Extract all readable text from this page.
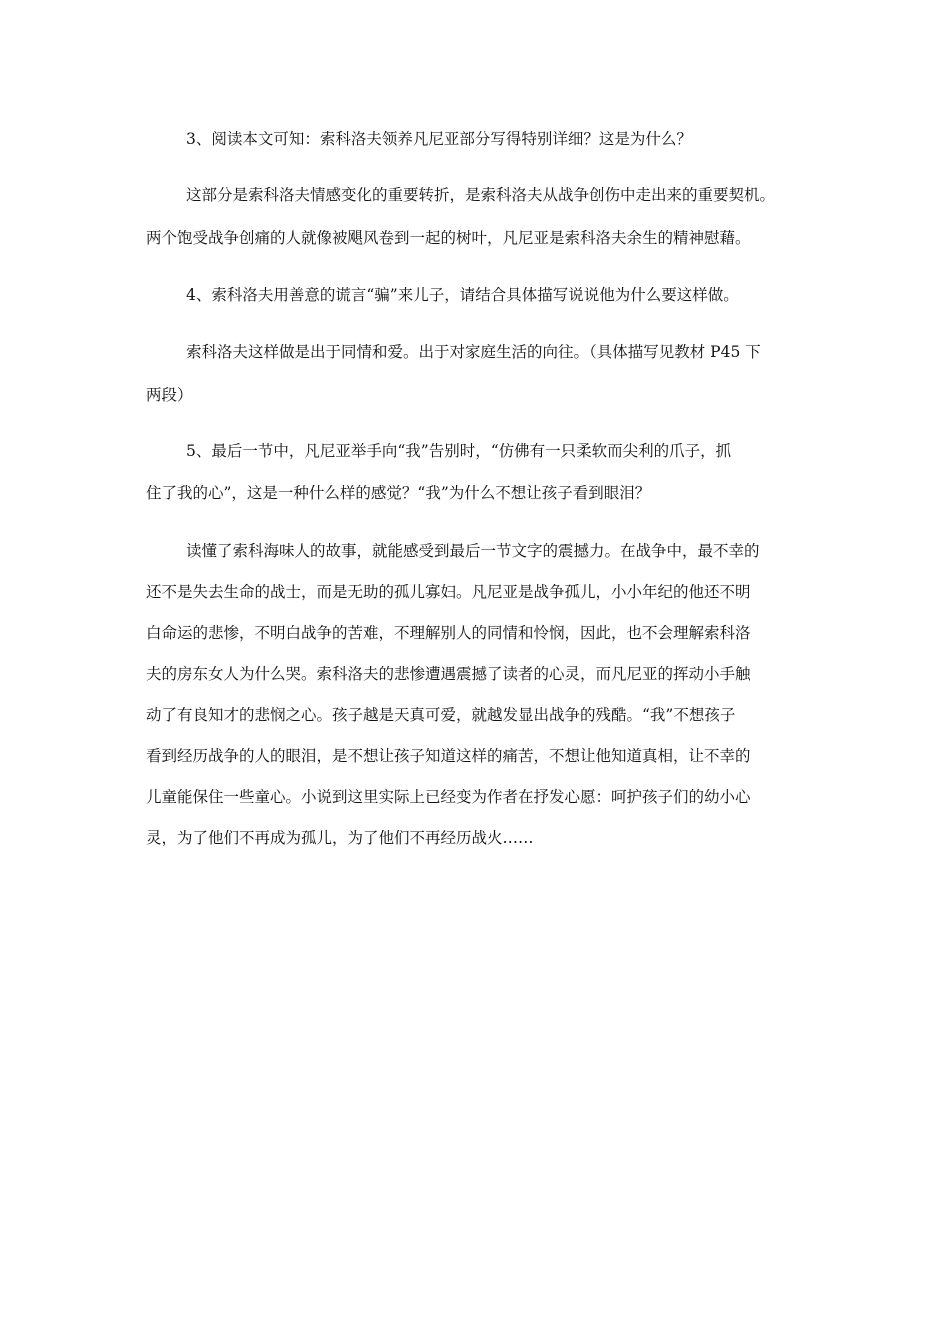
3、阅读本文可知：索科洛夫领养凡尼亚部分写得特别详细？这是为什么？
这部分是索科洛夫情感变化的重要转折，是索科洛夫从战争创伤中走出来的重要契机。
两个饱受战争创痛的人就像被飓风卷到一起的树叶，凡尼亚是索科洛夫余生的精神慰藉。
4、索科洛夫用善意的谎言“骗”来儿子，请结合具体描写说说他为什么要这样做。
索科洛夫这样做是出于同情和爱。出于对家庭生活的向往。（具体描写见教材 P45 下
两段）
5、最后一节中，凡尼亚举手向“我”告别时，“仿佛有一只柔软而尖利的爪子，抓
住了我的心”，这是一种什么样的感觉？“我”为什么不想让孩子看到眼泪？
读懂了索科海味人的故事，就能感受到最后一节文字的震撼力。在战争中，最不幸的
还不是失去生命的战士，而是无助的孤儿寡妇。凡尼亚是战争孤儿，小小年纪的他还不明
白命运的悲惨，不明白战争的苦难，不理解别人的同情和怜悯，因此，也不会理解索科洛
夫的房东女人为什么哭。索科洛夫的悲惨遭遇震撼了读者的心灵，而凡尼亚的挥动小手触
动了有良知才的悲悯之心。孩子越是天真可爱，就越发显出战争的残酷。“我”不想孩子
看到经历战争的人的眼泪，是不想让孩子知道这样的痛苦，不想让他知道真相，让不幸的
儿童能保住一些童心。小说到这里实际上已经变为作者在抒发心愿：呵护孩子们的幼小心
灵，为了他们不再成为孤儿，为了他们不再经历战火……
